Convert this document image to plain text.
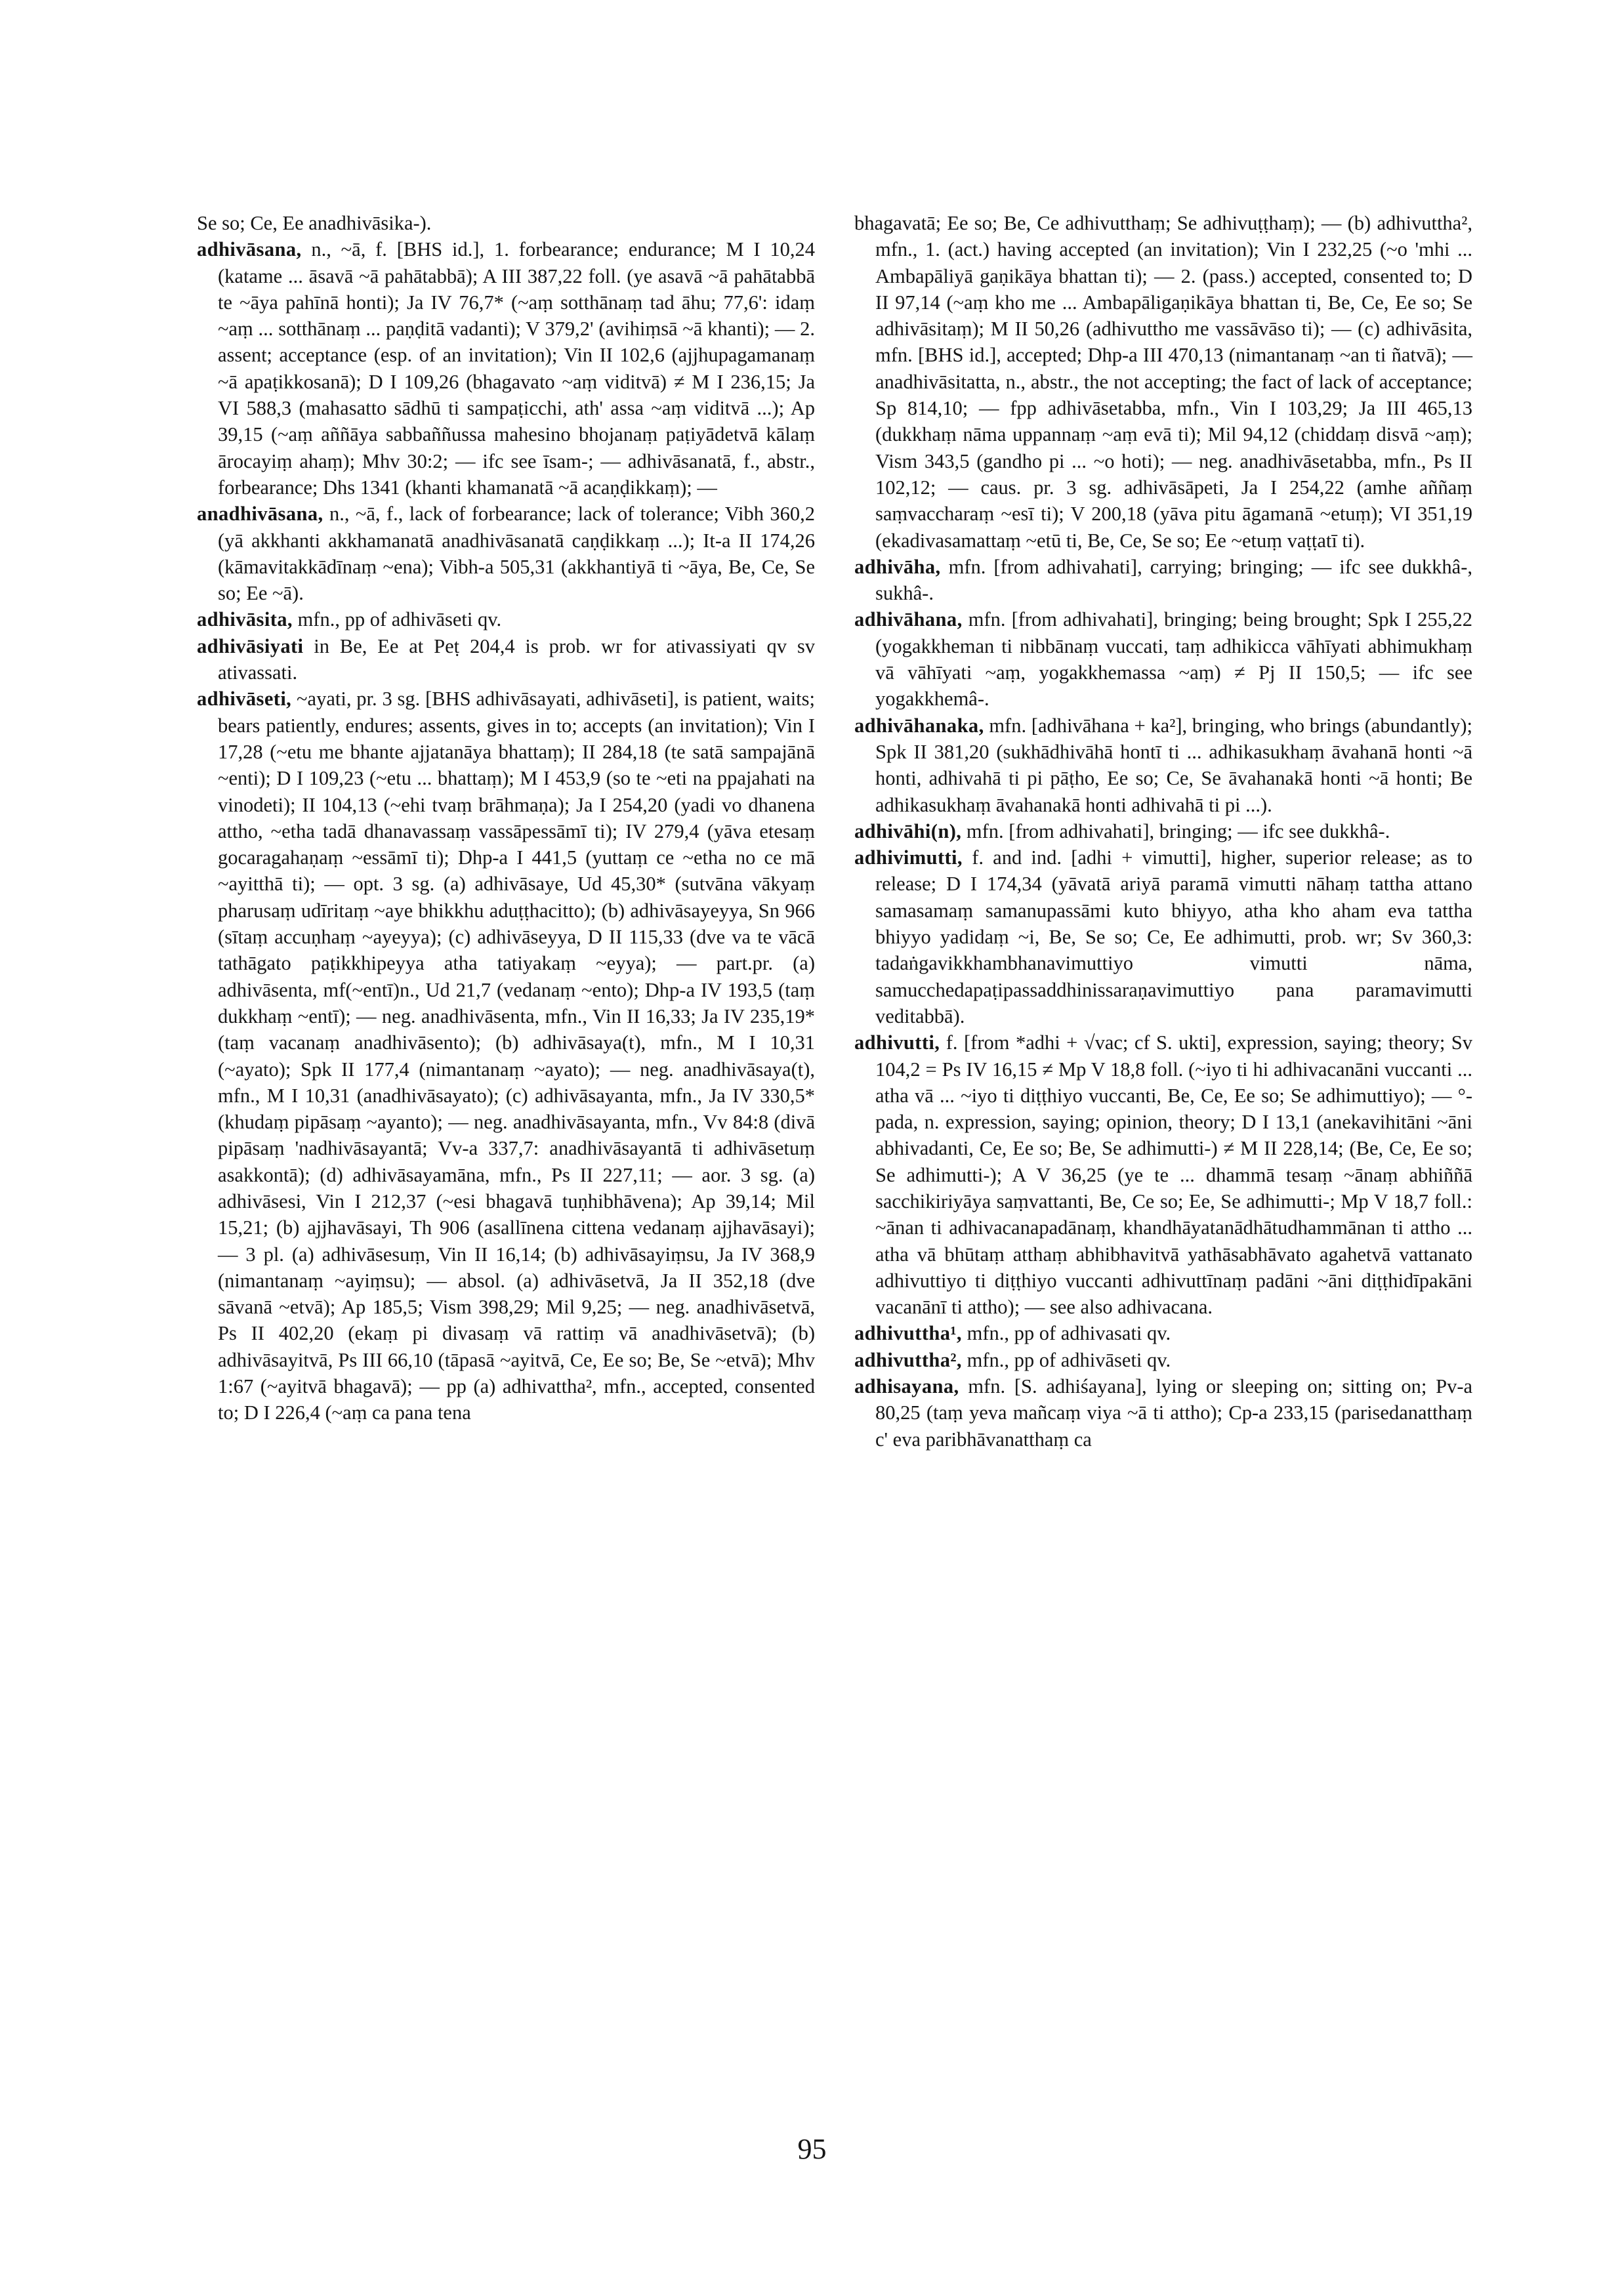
Se so; Ce, Ee anadhivāsika-).

adhivāsana, n., ~ā, f. [BHS id.], 1. forbearance; endurance; M I 10,24 (katame ... āsavā ~ā pahātabbā); A III 387,22 foll. (ye asavā ~ā pahātabbā te ~āya pahīnā honti); Ja IV 76,7* (~aṃ sotthānaṃ tad āhu; 77,6': idaṃ ~aṃ ... sotthānaṃ ... paṇḍitā vadanti); V 379,2' (avihiṃsā ~ā khanti); — 2. assent; acceptance (esp. of an invitation); Vin II 102,6 (ajjhupagamanaṃ ~ā apaṭikkosanā); D I 109,26 (bhagavato ~aṃ viditvā) ≠ M I 236,15; Ja VI 588,3 (mahasatto sādhū ti sampaṭicchi, ath' assa ~aṃ viditvā ...); Ap 39,15 (~aṃ aññāya sabbaññussa mahesino bhojanaṃ paṭiyādetvā kālaṃ ārocayiṃ ahaṃ); Mhv 30:2; — ifc see īsam-; — adhivāsanatā, f., abstr., forbearance; Dhs 1341 (khanti khamanatā ~ā acaṇḍikkaṃ); —

anadhivāsana, n., ~ā, f., lack of forbearance; lack of tolerance; Vibh 360,2 (yā akkhanti akkhamanatā anadhivāsanatā caṇḍikkaṃ ...); It-a II 174,26 (kāmavitakkādīnaṃ ~ena); Vibh-a 505,31 (akkhantiyā ti ~āya, Be, Ce, Se so; Ee ~ā).

adhivāsita, mfn., pp of adhivāseti qv.

adhivāsiyati in Be, Ee at Peṭ 204,4 is prob. wr for ativassiyati qv sv ativassati.

adhivāseti, ~ayati, pr. 3 sg. [BHS adhivāsayati, adhivāseti], is patient, waits; bears patiently, endures; assents, gives in to; accepts (an invitation); Vin I 17,28 (~etu me bhante ajjatanāya bhattaṃ); II 284,18 (te satā sampajānā ~enti); D I 109,23 (~etu ... bhattaṃ); M I 453,9 (so te ~eti na ppajahati na vinodeti); II 104,13 (~ehi tvaṃ brāhmaṇa); Ja I 254,20 (yadi vo dhanena attho, ~etha tadā dhanavassaṃ vassāpessāmī ti); IV 279,4 (yāva etesaṃ gocaragahaṇaṃ ~essāmī ti); Dhp-a I 441,5 (yuttaṃ ce ~etha no ce mā ~ayitthā ti); — opt. 3 sg. (a) adhivāsaye, Ud 45,30* (sutvāna vākyaṃ pharusaṃ udīritaṃ ~aye bhikkhu aduṭṭhacitto); (b) adhivāsayeyya, Sn 966 (sītaṃ accuṇhaṃ ~ayeyya); (c) adhivāseyya, D II 115,33 (dve va te vācā tathāgato paṭikkhipeyya atha tatiyakaṃ ~eyya); — part.pr. (a) adhivāsenta, mf(~entī)n., Ud 21,7 (vedanaṃ ~ento); Dhp-a IV 193,5 (taṃ dukkhaṃ ~entī); — neg. anadhivāsenta, mfn., Vin II 16,33; Ja IV 235,19* (taṃ vacanaṃ anadhivāsento); (b) adhivāsaya(t), mfn., M I 10,31 (~ayato); Spk II 177,4 (nimantanaṃ ~ayato); — neg. anadhivāsaya(t), mfn., M I 10,31 (anadhivāsayato); (c) adhivāsayanta, mfn., Ja IV 330,5* (khudaṃ pipāsaṃ ~ayanto); — neg. anadhivāsayanta, mfn., Vv 84:8 (divā pipāsaṃ 'nadhivāsayantā; Vv-a 337,7: anadhivāsayantā ti adhivāsetuṃ asakkontā); (d) adhivāsayamāna, mfn., Ps II 227,11; — aor. 3 sg. (a) adhivāsesi, Vin I 212,37 (~esi bhagavā tuṇhibhāvena); Ap 39,14; Mil 15,21; (b) ajjhavāsayi, Th 906 (asallīnena cittena vedanaṃ ajjhavāsayi); — 3 pl. (a) adhivāsesuṃ, Vin II 16,14; (b) adhivāsayiṃsu, Ja IV 368,9 (nimantanaṃ ~ayiṃsu); — absol. (a) adhivāsetvā, Ja II 352,18 (dve sāvanā ~etvā); Ap 185,5; Vism 398,29; Mil 9,25; — neg. anadhivāsetvā, Ps II 402,20 (ekaṃ pi divasaṃ vā rattiṃ vā anadhivāsetvā); (b) adhivāsayitvā, Ps III 66,10 (tāpasā ~ayitvā, Ce, Ee so; Be, Se ~etvā); Mhv 1:67 (~ayitvā bhagavā); — pp (a) adhivattha², mfn., accepted, consented to; D I 226,4 (~aṃ ca pana tena

bhagavatā; Ee so; Be, Ce adhivutthaṃ; Se adhivuṭṭhaṃ); — (b) adhivuttha², mfn., 1. (act.) having accepted (an invitation); Vin I 232,25 (~o 'mhi ... Ambapāliyā gaṇikāya bhattan ti); — 2. (pass.) accepted, consented to; D II 97,14 (~aṃ kho me ... Ambapāligaṇikāya bhattan ti, Be, Ce, Ee so; Se adhivāsitaṃ); M II 50,26 (adhivuttho me vassāvāso ti); — (c) adhivāsita, mfn. [BHS id.], accepted; Dhp-a III 470,13 (nimantanaṃ ~an ti ñatvā); — anadhivāsitatta, n., abstr., the not accepting; the fact of lack of acceptance; Sp 814,10; — fpp adhivāsetabba, mfn., Vin I 103,29; Ja III 465,13 (dukkhaṃ nāma uppannaṃ ~aṃ evā ti); Mil 94,12 (chiddaṃ disvā ~aṃ); Vism 343,5 (gandho pi ... ~o hoti); — neg. anadhivāsetabba, mfn., Ps II 102,12; — caus. pr. 3 sg. adhivāsāpeti, Ja I 254,22 (amhe aññaṃ saṃvaccharaṃ ~esī ti); V 200,18 (yāva pitu āgamanā ~etuṃ); VI 351,19 (ekadivasamattaṃ ~etū ti, Be, Ce, Se so; Ee ~etuṃ vaṭṭatī ti).

adhivāha, mfn. [from adhivahati], carrying; bringing; — ifc see dukkhâ-, sukhâ-.

adhivāhana, mfn. [from adhivahati], bringing; being brought; Spk I 255,22 (yogakkheman ti nibbānaṃ vuccati, taṃ adhikicca vāhīyati abhimukhaṃ vā vāhīyati ~aṃ, yogakkhemassa ~aṃ) ≠ Pj II 150,5; — ifc see yogakkhemâ-.

adhivāhanaka, mfn. [adhivāhana + ka²], bringing, who brings (abundantly); Spk II 381,20 (sukhādhivāhā hontī ti ... adhikasukhaṃ āvahanā honti ~ā honti, adhivahā ti pi pāṭho, Ee so; Ce, Se āvahanakā honti ~ā honti; Be adhikasukhaṃ āvahanakā honti adhivahā ti pi ...).

adhivāhi(n), mfn. [from adhivahati], bringing; — ifc see dukkhâ-.

adhivimutti, f. and ind. [adhi + vimutti], higher, superior release; as to release; D I 174,34 (yāvatā ariyā paramā vimutti nāhaṃ tattha attano samasamaṃ samanupassāmi kuto bhiyyo, atha kho aham eva tattha bhiyyo yadidaṃ ~i, Be, Se so; Ce, Ee adhimutti, prob. wr; Sv 360,3: tadaṅgavikkhambhanavimuttiyo vimutti nāma, samucchedapaṭipassaddhinissaraṇavimuttiyo pana paramavimutti veditabbā).

adhivutti, f. [from *adhi + √vac; cf S. ukti], expression, saying; theory; Sv 104,2 = Ps IV 16,15 ≠ Mp V 18,8 foll. (~iyo ti hi adhivacanāni vuccanti ... atha vā ... ~iyo ti diṭṭhiyo vuccanti, Be, Ce, Ee so; Se adhimuttiyo); — °-pada, n. expression, saying; opinion, theory; D I 13,1 (anekavihitāni ~āni abhivadanti, Ce, Ee so; Be, Se adhimutti-) ≠ M II 228,14; (Be, Ce, Ee so; Se adhimutti-); A V 36,25 (ye te ... dhammā tesaṃ ~ānaṃ abhiññā sacchikiriyāya saṃvattanti, Be, Ce so; Ee, Se adhimutti-; Mp V 18,7 foll.: ~ānan ti adhivacanapadānaṃ, khandhāyatanādhātudhammānan ti attho ... atha vā bhūtaṃ atthaṃ abhibhavitvā yathāsabhāvato agahetvā vattanato adhivuttiyo ti diṭṭhiyo vuccanti adhivuttīnaṃ padāni ~āni diṭṭhidīpakāni vacanānī ti attho); — see also adhivacana.

adhivuttha¹, mfn., pp of adhivasati qv.

adhivuttha², mfn., pp of adhivāseti qv.

adhisayana, mfn. [S. adhiśayana], lying or sleeping on; sitting on; Pv-a 80,25 (taṃ yeva mañcaṃ viya ~ā ti attho); Cp-a 233,15 (parisedanatthaṃ c' eva paribhāvanatthaṃ ca

95
